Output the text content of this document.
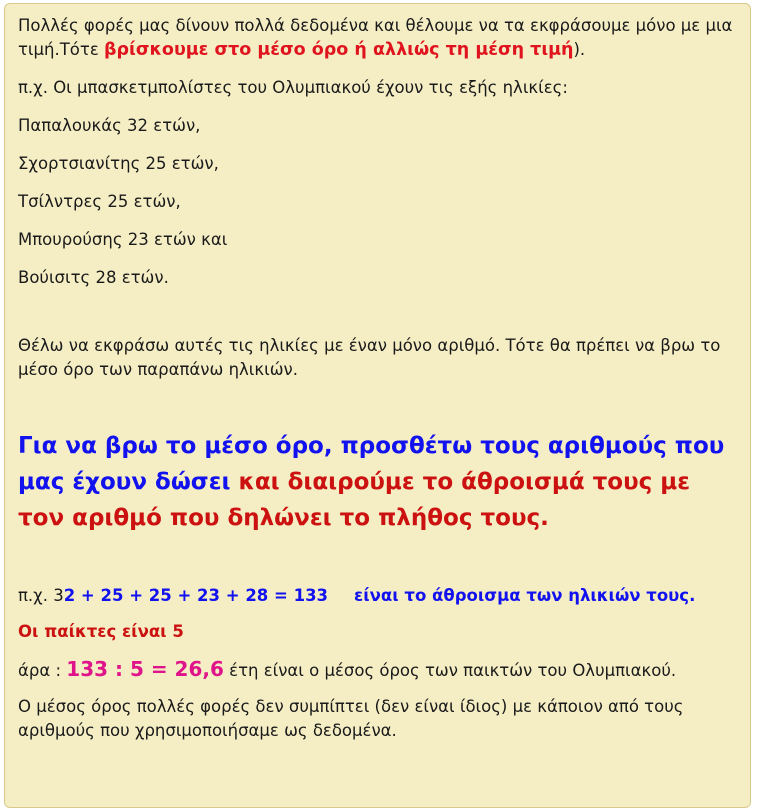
Πολλές φορές μας δίνουν πολλά δεδομένα και θέλουμε να τα εκφράσουμε μόνο με μια τιμή.Τότε βρίσκουμε στο μέσο όρο ή αλλιώς τη μέση τιμή).

π.χ. Οι μπασκετμπολίστες του Ολυμπιακού έχουν τις εξής ηλικίες:
Παπαλουκάς 32 ετών,
Σχορτσιανίτης 25 ετών,
Τσίλντρες 25 ετών,
Μπουρούσης 23 ετών και
Βούισιτς 28 ετών.

Θέλω να εκφράσω αυτές τις ηλικίες με έναν μόνο αριθμό. Τότε θα πρέπει να βρω το μέσο όρο των παραπάνω ηλικιών.

Για να βρω το μέσο όρο, προσθέτω τους αριθμούς που μας έχουν δώσει και διαιρούμε το άθροισμά τους με τον αριθμό που δηλώνει το πλήθος τους.

π.χ. 32 + 25 + 25 + 23 + 28 = 133 είναι το άθροισμα των ηλικιών τους.

Οι παίκτες είναι 5

άρα : 133 : 5 = 26,6 έτη είναι ο μέσος όρος των παικτών του Ολυμπιακού.

Ο μέσος όρος πολλές φορές δεν συμπίπτει (δεν είναι ίδιος) με κάποιον από τους αριθμούς που χρησιμοποιήσαμε ως δεδομένα.
